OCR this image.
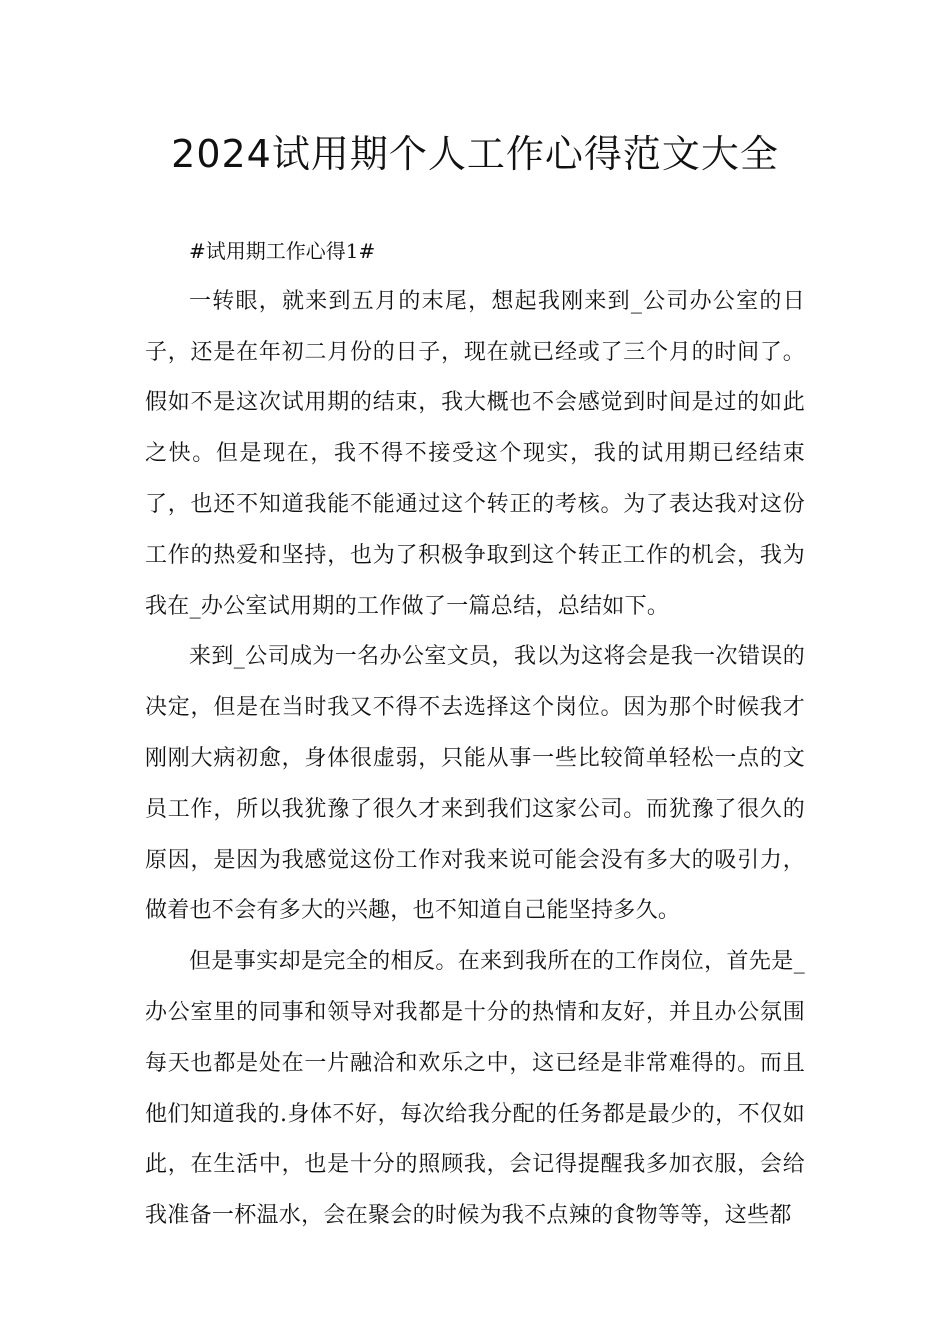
2024试用期个人工作心得范文大全

#试用期工作心得1#

一转眼，就来到五月的末尾，想起我刚来到_公司办公室的日子，还是在年初二月份的日子，现在就已经或了三个月的时间了。假如不是这次试用期的结束，我大概也不会感觉到时间是过的如此之快。但是现在，我不得不接受这个现实，我的试用期已经结束了，也还不知道我能不能通过这个转正的考核。为了表达我对这份工作的热爱和坚持，也为了积极争取到这个转正工作的机会，我为我在_办公室试用期的工作做了一篇总结，总结如下。

来到_公司成为一名办公室文员，我以为这将会是我一次错误的决定，但是在当时我又不得不去选择这个岗位。因为那个时候我才刚刚大病初愈，身体很虚弱，只能从事一些比较简单轻松一点的文员工作，所以我犹豫了很久才来到我们这家公司。而犹豫了很久的原因，是因为我感觉这份工作对我来说可能会没有多大的吸引力，做着也不会有多大的兴趣，也不知道自己能坚持多久。

但是事实却是完全的相反。在来到我所在的工作岗位，首先是_办公室里的同事和领导对我都是十分的热情和友好，并且办公氛围每天也都是处在一片融洽和欢乐之中，这已经是非常难得的。而且他们知道我的.身体不好，每次给我分配的任务都是最少的，不仅如此，在生活中，也是十分的照顾我，会记得提醒我多加衣服，会给我准备一杯温水，会在聚会的时候为我不点辣的食物等等，这些都
